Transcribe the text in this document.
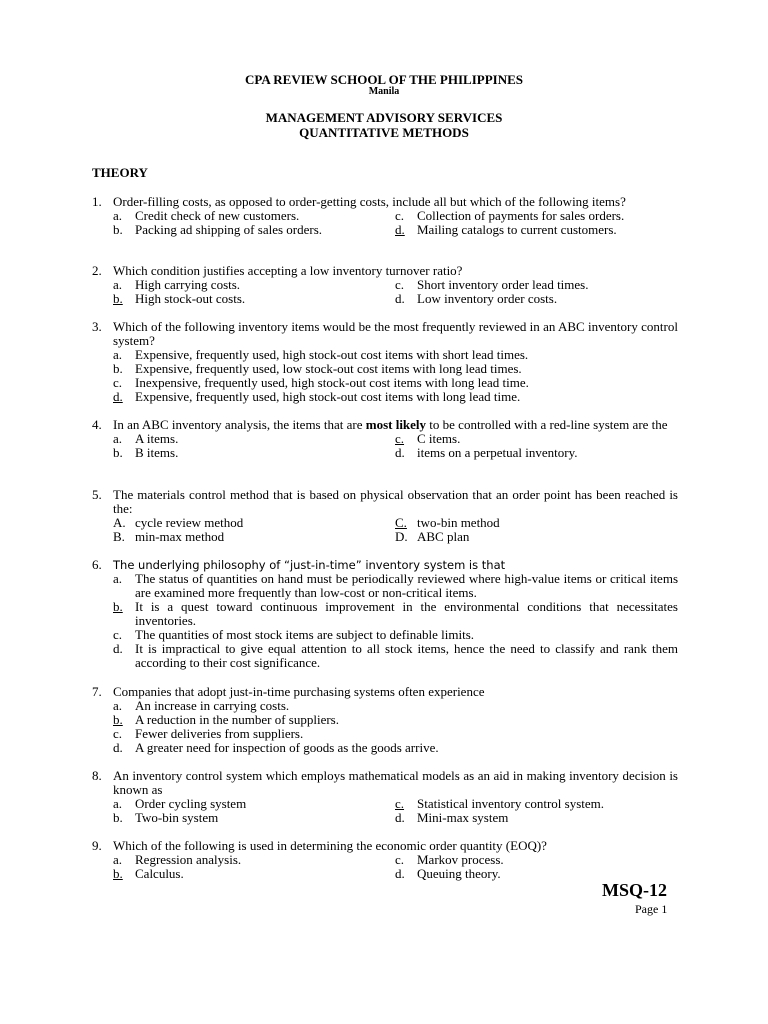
CPA REVIEW SCHOOL OF THE PHILIPPINES
Manila
MANAGEMENT ADVISORY SERVICES
QUANTITATIVE METHODS
THEORY
1. Order-filling costs, as opposed to order-getting costs, include all but which of the following items?
a. Credit check of new customers.	c. Collection of payments for sales orders.
b. Packing ad shipping of sales orders.	d. Mailing catalogs to current customers.
2. Which condition justifies accepting a low inventory turnover ratio?
a. High carrying costs.	c. Short inventory order lead times.
b. High stock-out costs.	d. Low inventory order costs.
3. Which of the following inventory items would be the most frequently reviewed in an ABC inventory control system?
a. Expensive, frequently used, high stock-out cost items with short lead times.
b. Expensive, frequently used, low stock-out cost items with long lead times.
c. Inexpensive, frequently used, high stock-out cost items with long lead time.
d. Expensive, frequently used, high stock-out cost items with long lead time.
4. In an ABC inventory analysis, the items that are most likely to be controlled with a red-line system are the
a. A items.	c. C items.
b. B items.	d. items on a perpetual inventory.
5. The materials control method that is based on physical observation that an order point has been reached is the:
A. cycle review method	C. two-bin method
B. min-max method	D. ABC plan
6. The underlying philosophy of “just-in-time” inventory system is that
a. The status of quantities on hand must be periodically reviewed where high-value items or critical items are examined more frequently than low-cost or non-critical items.
b. It is a quest toward continuous improvement in the environmental conditions that necessitates inventories.
c. The quantities of most stock items are subject to definable limits.
d. It is impractical to give equal attention to all stock items, hence the need to classify and rank them according to their cost significance.
7. Companies that adopt just-in-time purchasing systems often experience
a. An increase in carrying costs.
b. A reduction in the number of suppliers.
c. Fewer deliveries from suppliers.
d. A greater need for inspection of goods as the goods arrive.
8. An inventory control system which employs mathematical models as an aid in making inventory decision is known as
a. Order cycling system	c. Statistical inventory control system.
b. Two-bin system	d. Mini-max system
9. Which of the following is used in determining the economic order quantity (EOQ)?
a. Regression analysis.	c. Markov process.
b. Calculus.	d. Queuing theory.
MSQ-12
Page 1
